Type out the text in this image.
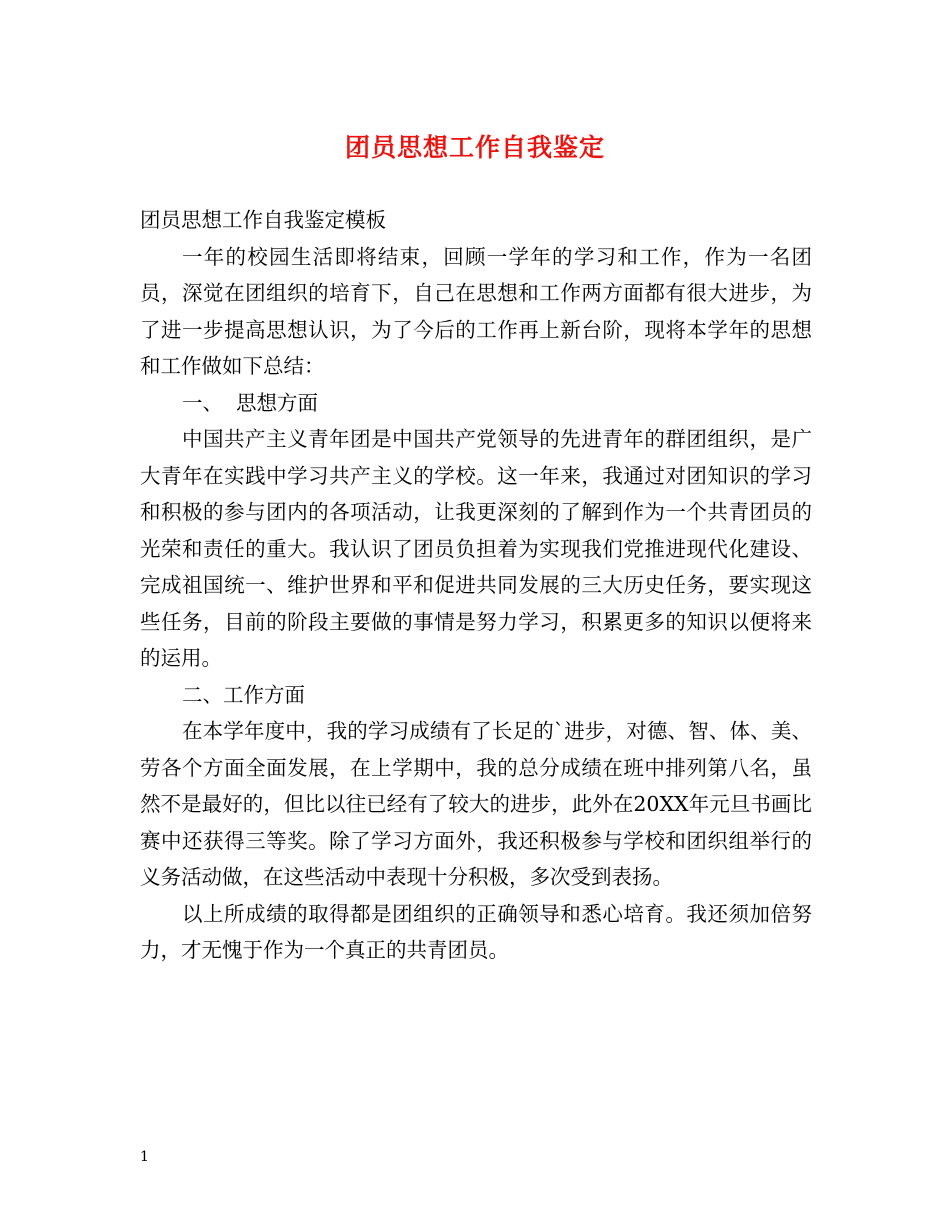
团员思想工作自我鉴定

团员思想工作自我鉴定模板

一年的校园生活即将结束，回顾一学年的学习和工作，作为一名团员，深觉在团组织的培育下，自己在思想和工作两方面都有很大进步，为了进一步提高思想认识，为了今后的工作再上新台阶，现将本学年的思想和工作做如下总结：

一、  思想方面

中国共产主义青年团是中国共产党领导的先进青年的群团组织，是广大青年在实践中学习共产主义的学校。这一年来，我通过对团知识的学习和积极的参与团内的各项活动，让我更深刻的了解到作为一个共青团员的光荣和责任的重大。我认识了团员负担着为实现我们党推进现代化建设、完成祖国统一、维护世界和平和促进共同发展的三大历史任务，要实现这些任务，目前的阶段主要做的事情是努力学习，积累更多的知识以便将来的运用。

二、工作方面

在本学年度中，我的学习成绩有了长足的`进步，对德、智、体、美、劳各个方面全面发展，在上学期中，我的总分成绩在班中排列第八名，虽然不是最好的，但比以往已经有了较大的进步，此外在20XX年元旦书画比赛中还获得三等奖。除了学习方面外，我还积极参与学校和团织组举行的义务活动做，在这些活动中表现十分积极，多次受到表扬。

以上所成绩的取得都是团组织的正确领导和悉心培育。我还须加倍努力，才无愧于作为一个真正的共青团员。

1
